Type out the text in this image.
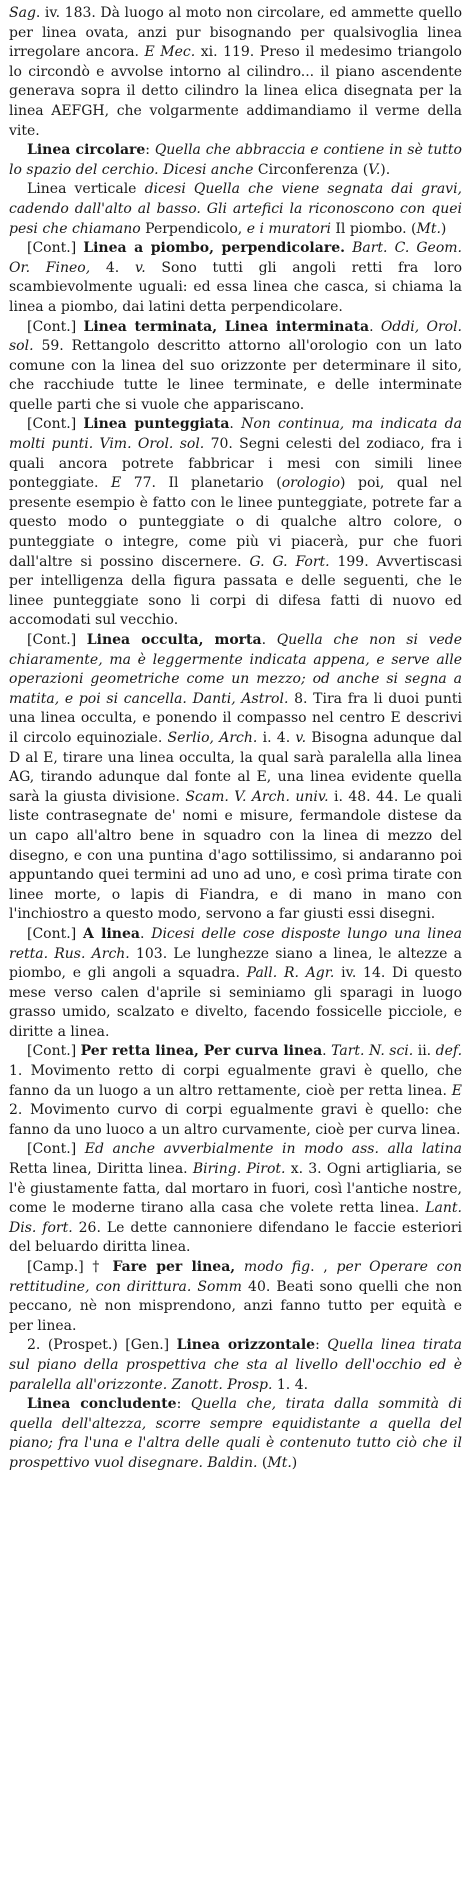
Sag. iv. 183. Dà luogo al moto non circolare, ed ammette quello per linea ovata, anzi pur bisognando per qualsivoglia linea irregolare ancora. E Mec. xi. 119. Preso il medesimo triangolo lo circondò e avvolse intorno al cilindro... il piano ascendente generava sopra il detto cilindro la linea elica disegnata per la linea AEFGH, che volgarmente addimandiamo il verme della vite.

Linea circolare: Quella che abbraccia e contiene in sè tutto lo spazio del cerchio. Dicesi anche Circonferenza (V.).

Linea verticale dicesi Quella che viene segnata dai gravi, cadendo dall'alto al basso. Gli artefici la riconoscono con quei pesi che chiamano Perpendicolo, e i muratori Il piombo. (Mt.)

[Cont.] Linea a piombo, perpendicolare. Bart. C. Geom. Or. Fineo, 4. v. Sono tutti gli angoli retti fra loro scambievolmente uguali: ed essa linea che casca, si chiama la linea a piombo, dai latini detta perpendicolare.

[Cont.] Linea terminata, Linea interminata. Oddi, Orol. sol. 59. Rettangolo descritto attorno all'orologio con un lato comune con la linea del suo orizzonte per determinare il sito, che racchiude tutte le linee terminate, e delle interminate quelle parti che si vuole che appariscano.

[Cont.] Linea punteggiata. Non continua, ma indicata da molti punti. Vim. Orol. sol. 70. Segni celesti del zodiaco, fra i quali ancora potrete fabbricar i mesi con simili linee ponteggiate. E 77. Il planetario (orologio) poi, qual nel presente esempio è fatto con le linee punteggiate, potrete far a questo modo o punteggiate o di qualche altro colore, o punteggiate o integre, come più vi piacerà, pur che fuori dall'altre si possino discernere. G. G. Fort. 199. Avvertiscasi per intelligenza della figura passata e delle seguenti, che le linee punteggiate sono li corpi di difesa fatti di nuovo ed accomodati sul vecchio.

[Cont.] Linea occulta, morta. Quella che non si vede chiaramente, ma è leggermente indicata appena, e serve alle operazioni geometriche come un mezzo; od anche si segna a matita, e poi si cancella. Danti, Astrol. 8. Tira fra li duoi punti una linea occulta, e ponendo il compasso nel centro E descrivi il circolo equinoziale. Serlio, Arch. i. 4. v. Bisogna adunque dal D al E, tirare una linea occulta, la qual sarà paralella alla linea AG, tirando adunque dal fonte al E, una linea evidente quella sarà la giusta divisione. Scam. V. Arch. univ. i. 48. 44. Le quali liste contrasegnate de' nomi e misure, fermandole distese da un capo all'altro bene in squadro con la linea di mezzo del disegno, e con una puntina d'ago sottilissimo, si andaranno poi appuntando quei termini ad uno ad uno, e così prima tirate con linee morte, o lapis di Fiandra, e di mano in mano con l'inchiostro a questo modo, servono a far giusti essi disegni.

[Cont.] A linea. Dicesi delle cose disposte lungo una linea retta. Rus. Arch. 103. Le lunghezze siano a linea, le altezze a piombo, e gli angoli a squadra. Pall. R. Agr. iv. 14. Di questo mese verso calen d'aprile si seminiamo gli sparagi in luogo grasso umido, scalzato e divelto, facendo fossicelle picciole, e diritte a linea.

[Cont.] Per retta linea, Per curva linea. Tart. N. sci. ii. def. 1. Movimento retto di corpi egualmente gravi è quello, che fanno da un luogo a un altro rettamente, cioè per retta linea. E 2. Movimento curvo di corpi egualmente gravi è quello: che fanno da uno luoco a un altro curvamente, cioè per curva linea.

[Cont.] Ed anche avverbialmente in modo ass. alla latina Retta linea, Diritta linea. Biring. Pirot. x. 3. Ogni artigliaria, se l'è giustamente fatta, dal mortaro in fuori, così l'antiche nostre, come le moderne tirano alla casa che volete retta linea. Lant. Dis. fort. 26. Le dette cannoniere difendano le faccie esteriori del beluardo diritta linea.

[Camp.] † Fare per linea, modo fig. , per Operare con rettitudine, con dirittura. Somm 40. Beati sono quelli che non peccano, nè non misprendono, anzi fanno tutto per equità e per linea.

2. (Prospet.) [Gen.] Linea orizzontale: Quella linea tirata sul piano della prospettiva che sta al livello dell'occhio ed è paralella all'orizzonte. Zanott. Prosp. 1. 4.

Linea concludente: Quella che, tirata dalla sommità di quella dell'altezza, scorre sempre equidistante a quella del piano; fra l'una e l'altra delle quali è contenuto tutto ciò che il prospettivo vuol disegnare. Baldin. (Mt.)
